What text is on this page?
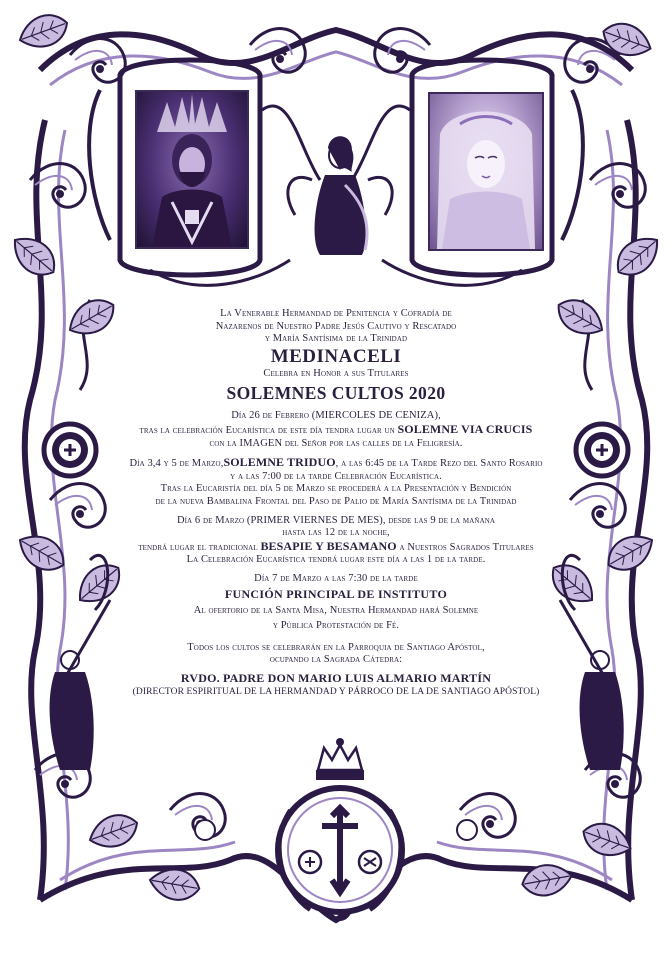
La Venerable Hermandad de Penitencia y Cofradía de
Nazarenos de Nuestro Padre Jesús Cautivo y Rescatado
y María Santísima de la Trinidad
MEDINACELI
Celebra en Honor a sus Titulares
SOLEMNES CULTOS 2020
Día 26 de Febrero (MIERCOLES DE CENIZA),
tras la celebración Eucarística de este día tendra lugar un SOLEMNE VIA CRUCIS
con la IMAGEN del Señor por las calles de la Feligresía.
Día 3,4 y 5 de Marzo,SOLEMNE TRIDUO, a las 6:45 de la Tarde Rezo del Santo Rosario
y a las 7:00 de la tarde Celebración Eucarística.
Tras la Eucaristía del día 5 de Marzo se procederá a la Presentación y Bendición
de la nueva Bambalina Frontal del Paso de Palio de María Santísima de la Trinidad
Día 6 de Marzo (PRIMER VIERNES DE MES), desde las 9 de la mañana
hasta las 12 de la noche,
tendrá lugar el tradicional BESAPIE Y BESAMANO a Nuestros Sagrados Titulares
La Celebración Eucarística tendrá lugar este día a las 1 de la tarde.
Día 7 de Marzo a las 7:30 de la tarde
FUNCIÓN PRINCIPAL DE INSTITUTO
Al ofertorio de la Santa Misa, Nuestra Hermandad hará Solemne
y Pública Protestación de Fé.
Todos los cultos se celebrarán en la Parroquia de Santiago Apóstol,
ocupando la Sagrada Cátedra:
RVDO. PADRE DON MARIO LUIS ALMARIO MARTÍN
(DIRECTOR ESPIRITUAL DE LA HERMANDAD Y PÁRROCO DE LA DE SANTIAGO APÓSTOL)
